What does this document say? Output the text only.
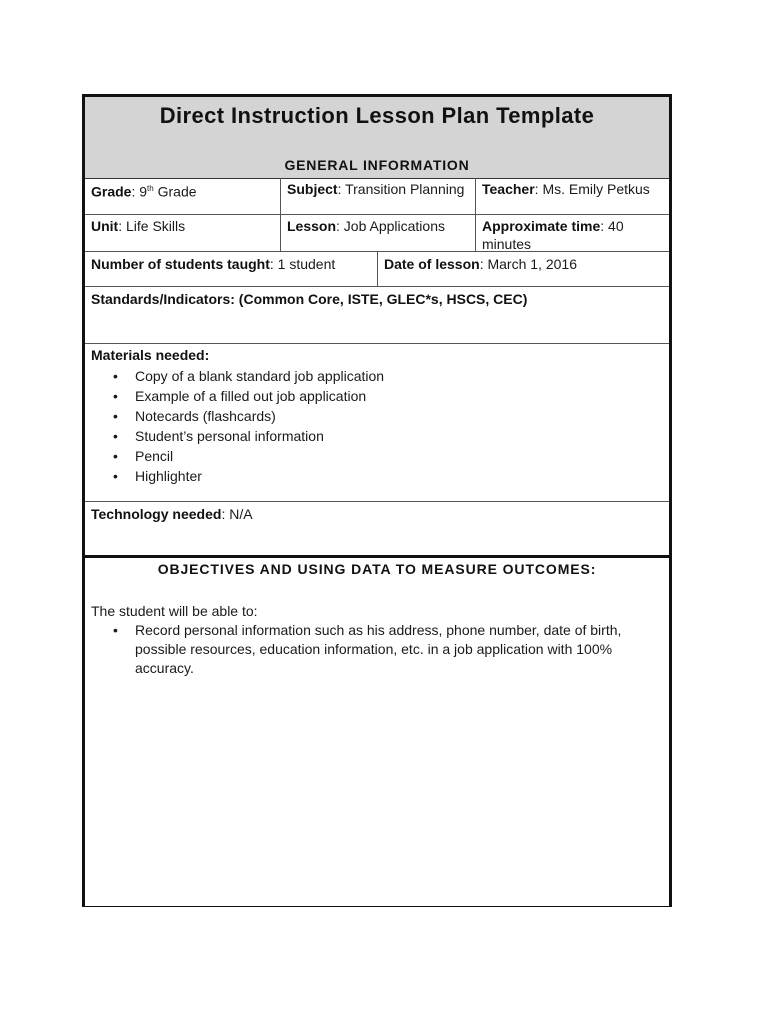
Direct Instruction Lesson Plan Template
GENERAL INFORMATION
Grade: 9th Grade	Subject: Transition Planning	Teacher: Ms. Emily Petkus
Unit: Life Skills	Lesson: Job Applications	Approximate time: 40 minutes
Number of students taught: 1 student	Date of lesson: March 1, 2016
Standards/Indicators: (Common Core, ISTE, GLEC*s, HSCS, CEC)
Materials needed:
• Copy of a blank standard job application
• Example of a filled out job application
• Notecards (flashcards)
• Student’s personal information
• Pencil
• Highlighter
Technology needed: N/A
OBJECTIVES AND USING DATA TO MEASURE OUTCOMES:
The student will be able to:
• Record personal information such as his address, phone number, date of birth, possible resources, education information, etc. in a job application with 100% accuracy.
